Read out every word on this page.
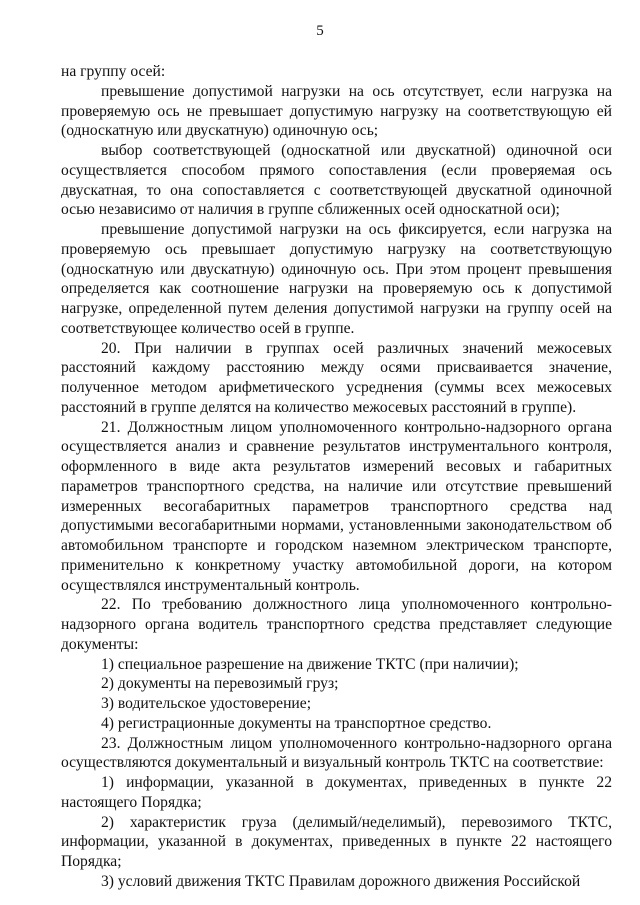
5

на группу осей:

превышение допустимой нагрузки на ось отсутствует, если нагрузка на проверяемую ось не превышает допустимую нагрузку на соответствующую ей (односкатную или двускатную) одиночную ось;

выбор соответствующей (односкатной или двускатной) одиночной оси осуществляется способом прямого сопоставления (если проверяемая ось двускатная, то она сопоставляется с соответствующей двускатной одиночной осью независимо от наличия в группе сближенных осей односкатной оси);

превышение допустимой нагрузки на ось фиксируется, если нагрузка на проверяемую ось превышает допустимую нагрузку на соответствующую (односкатную или двускатную) одиночную ось. При этом процент превышения определяется как соотношение нагрузки на проверяемую ось к допустимой нагрузке, определенной путем деления допустимой нагрузки на группу осей на соответствующее количество осей в группе.

20. При наличии в группах осей различных значений межосевых расстояний каждому расстоянию между осями присваивается значение, полученное методом арифметического усреднения (суммы всех межосевых расстояний в группе делятся на количество межосевых расстояний в группе).

21. Должностным лицом уполномоченного контрольно-надзорного органа осуществляется анализ и сравнение результатов инструментального контроля, оформленного в виде акта результатов измерений весовых и габаритных параметров транспортного средства, на наличие или отсутствие превышений измеренных весогабаритных параметров транспортного средства над допустимыми весогабаритными нормами, установленными законодательством об автомобильном транспорте и городском наземном электрическом транспорте, применительно к конкретному участку автомобильной дороги, на котором осуществлялся инструментальный контроль.

22. По требованию должностного лица уполномоченного контрольно-надзорного органа водитель транспортного средства представляет следующие документы:

1) специальное разрешение на движение ТКТС (при наличии);

2) документы на перевозимый груз;

3) водительское удостоверение;

4) регистрационные документы на транспортное средство.

23. Должностным лицом уполномоченного контрольно-надзорного органа осуществляются документальный и визуальный контроль ТКТС на соответствие:

1) информации, указанной в документах, приведенных в пункте 22 настоящего Порядка;

2) характеристик груза (делимый/неделимый), перевозимого ТКТС, информации, указанной в документах, приведенных в пункте 22 настоящего Порядка;

3) условий движения ТКТС Правилам дорожного движения Российской
